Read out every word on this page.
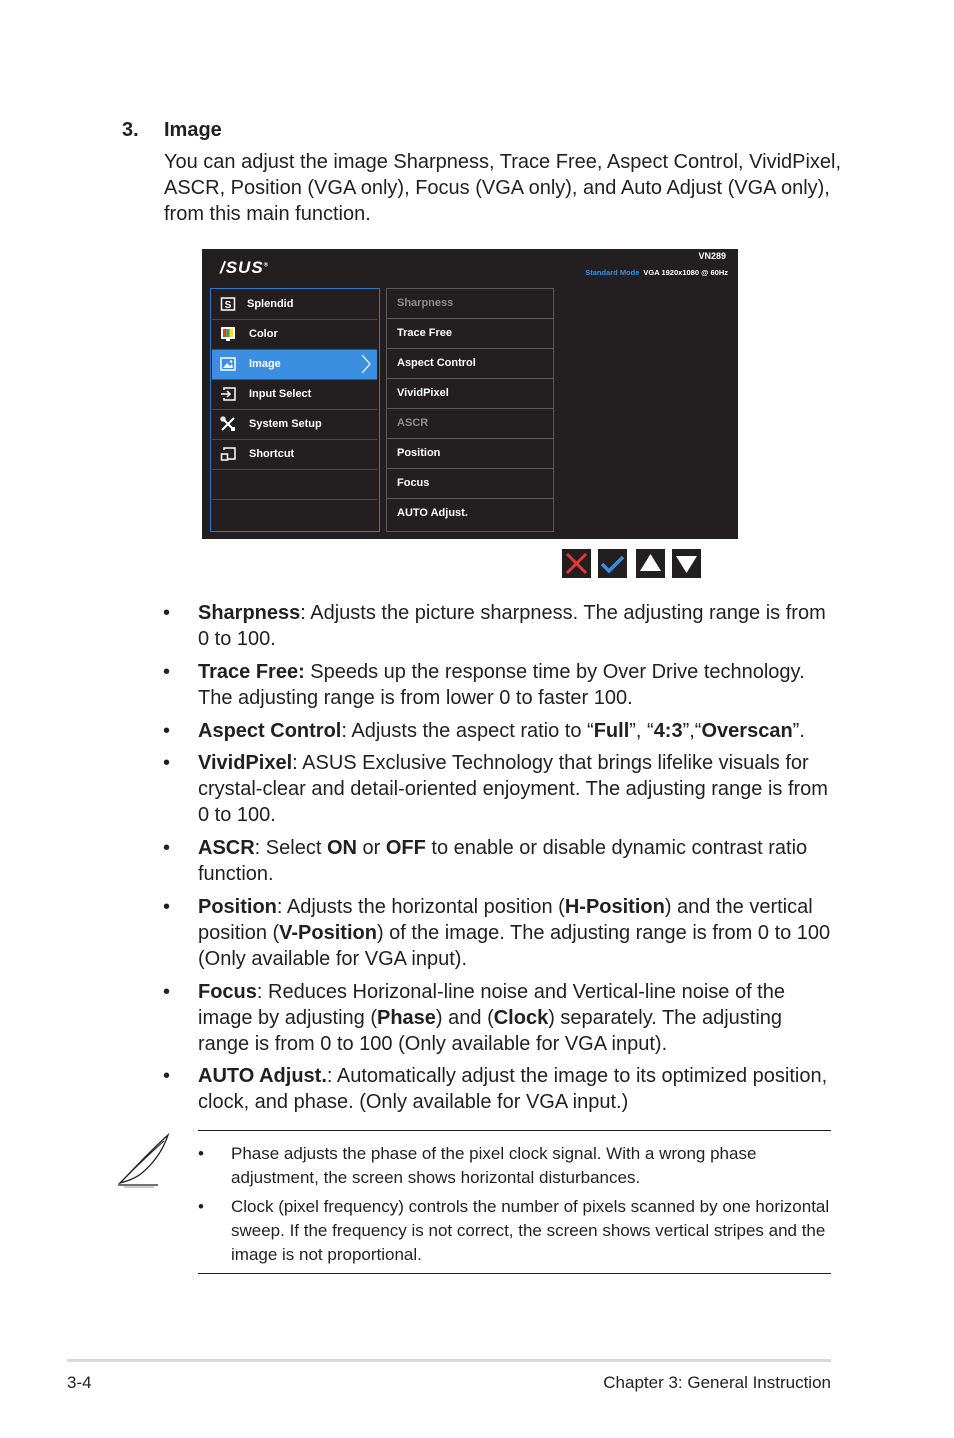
3. Image
You can adjust the image Sharpness, Trace Free, Aspect Control, VividPixel, ASCR, Position (VGA only), Focus (VGA only), and Auto Adjust (VGA only), from this main function.
/SUS®
VN289
Standard Mode VGA 1920x1080 @ 60Hz
S Splendid
Color
Image
Input Select
System Setup
Shortcut
Sharpness
Trace Free
Aspect Control
VividPixel
ASCR
Position
Focus
AUTO Adjust.
• Sharpness: Adjusts the picture sharpness. The adjusting range is from 0 to 100.
• Trace Free: Speeds up the response time by Over Drive technology. The adjusting range is from lower 0 to faster 100.
• Aspect Control: Adjusts the aspect ratio to “Full”, “4:3”,“Overscan”.
• VividPixel: ASUS Exclusive Technology that brings lifelike visuals for crystal-clear and detail-oriented enjoyment. The adjusting range is from 0 to 100.
• ASCR: Select ON or OFF to enable or disable dynamic contrast ratio function.
• Position: Adjusts the horizontal position (H-Position) and the vertical position (V-Position) of the image. The adjusting range is from 0 to 100 (Only available for VGA input).
• Focus: Reduces Horizonal-line noise and Vertical-line noise of the image by adjusting (Phase) and (Clock) separately. The adjusting range is from 0 to 100 (Only available for VGA input).
• AUTO Adjust.: Automatically adjust the image to its optimized position, clock, and phase. (Only available for VGA input.)
• Phase adjusts the phase of the pixel clock signal. With a wrong phase adjustment, the screen shows horizontal disturbances.
• Clock (pixel frequency) controls the number of pixels scanned by one horizontal sweep. If the frequency is not correct, the screen shows vertical stripes and the image is not proportional.
3-4	Chapter 3: General Instruction
